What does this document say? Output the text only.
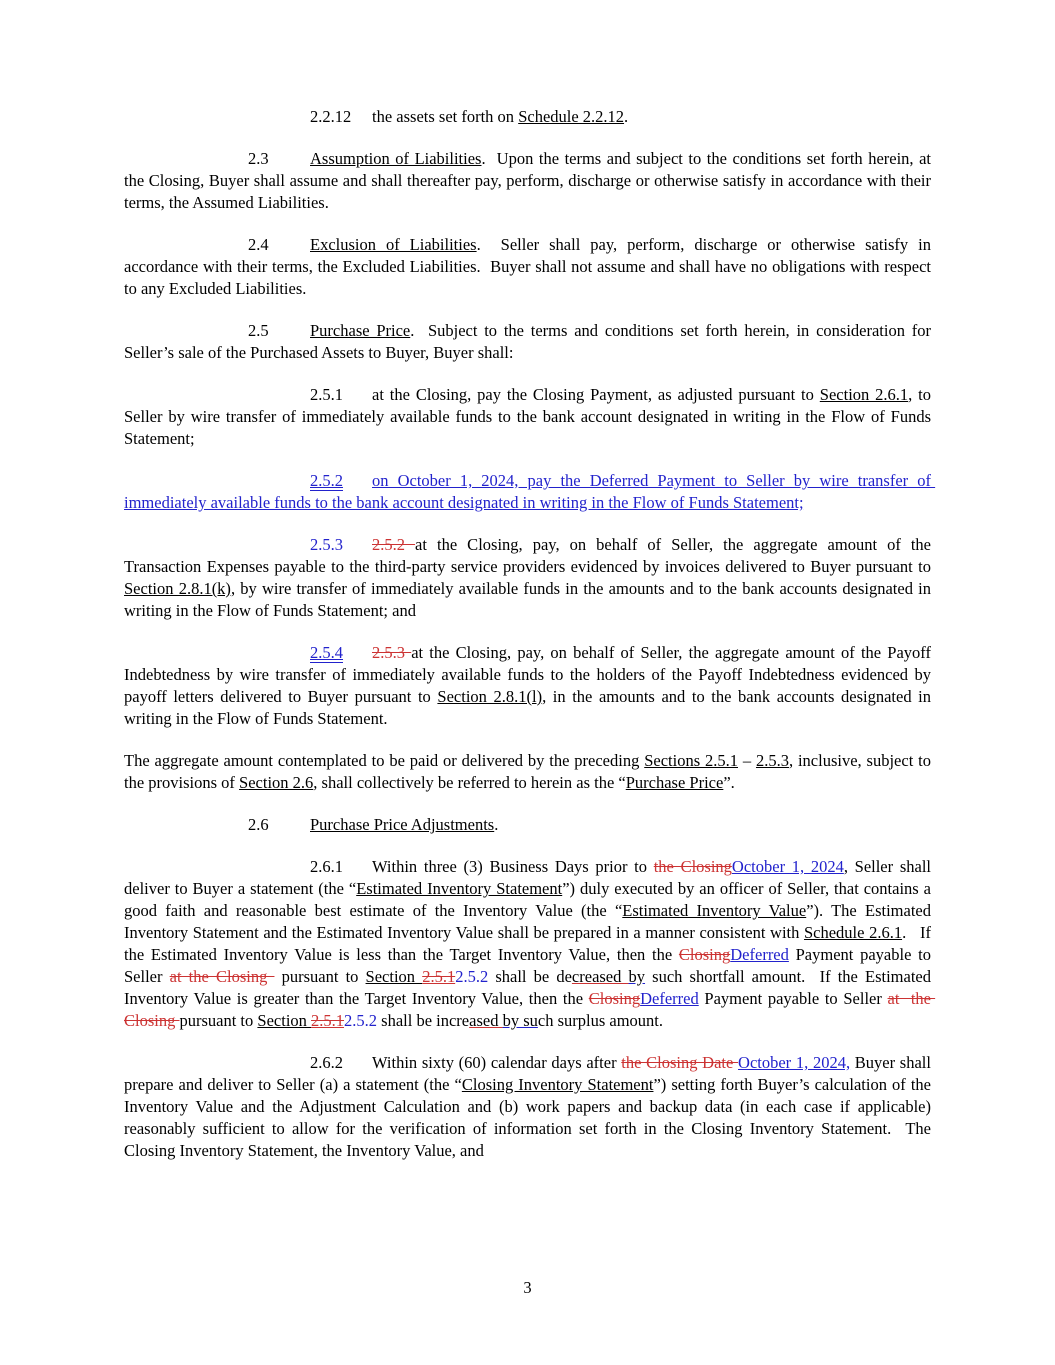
2.2.12 the assets set forth on Schedule 2.2.12.

2.3	Assumption of Liabilities.  Upon the terms and subject to the conditions set forth herein, at the Closing, Buyer shall assume and shall thereafter pay, perform, discharge or otherwise satisfy in accordance with their terms, the Assumed Liabilities.

2.4	Exclusion of Liabilities.  Seller shall pay, perform, discharge or otherwise satisfy in accordance with their terms, the Excluded Liabilities.  Buyer shall not assume and shall have no obligations with respect to any Excluded Liabilities.

2.5	Purchase Price.  Subject to the terms and conditions set forth herein, in consideration for Seller’s sale of the Purchased Assets to Buyer, Buyer shall:

2.5.1 at the Closing, pay the Closing Payment, as adjusted pursuant to Section 2.6.1, to Seller by wire transfer of immediately available funds to the bank account designated in writing in the Flow of Funds Statement;

2.5.2 on October 1, 2024, pay the Deferred Payment to Seller by wire transfer of immediately available funds to the bank account designated in writing in the Flow of Funds Statement;

2.5.3 2.5.2 at the Closing, pay, on behalf of Seller, the aggregate amount of the Transaction Expenses payable to the third-party service providers evidenced by invoices delivered to Buyer pursuant to Section 2.8.1(k), by wire transfer of immediately available funds in the amounts and to the bank accounts designated in writing in the Flow of Funds Statement; and

2.5.4 2.5.3 at the Closing, pay, on behalf of Seller, the aggregate amount of the Payoff Indebtedness by wire transfer of immediately available funds to the holders of the Payoff Indebtedness evidenced by payoff letters delivered to Buyer pursuant to Section 2.8.1(l), in the amounts and to the bank accounts designated in writing in the Flow of Funds Statement.

The aggregate amount contemplated to be paid or delivered by the preceding Sections 2.5.1 – 2.5.3, inclusive, subject to the provisions of Section 2.6, shall collectively be referred to herein as the “Purchase Price”.

2.6	Purchase Price Adjustments.

2.6.1 Within three (3) Business Days prior to the ClosingOctober 1, 2024, Seller shall deliver to Buyer a statement (the “Estimated Inventory Statement”) duly executed by an officer of Seller, that contains a good faith and reasonable best estimate of the Inventory Value (the “Estimated Inventory Value”). The Estimated Inventory Statement and the Estimated Inventory Value shall be prepared in a manner consistent with Schedule 2.6.1.   If the Estimated Inventory Value is less than the Target Inventory Value, then the ClosingDeferred Payment payable to Seller at the Closing  pursuant to Section 2.5.12.5.2 shall be decreased by such shortfall amount.  If the Estimated Inventory Value is greater than the Target Inventory Value, then the ClosingDeferred Payment payable to Seller at  the Closing pursuant to Section 2.5.12.5.2 shall be increased by such surplus amount.

2.6.2 Within sixty (60) calendar days after the Closing Date October 1, 2024, Buyer shall prepare and deliver to Seller (a) a statement (the “Closing Inventory Statement”) setting forth Buyer’s calculation of the Inventory Value and the Adjustment Calculation and (b) work papers and backup data (in each case if applicable) reasonably sufficient to allow for the verification of information set forth in the Closing Inventory Statement.  The Closing Inventory Statement, the Inventory Value, and

3
